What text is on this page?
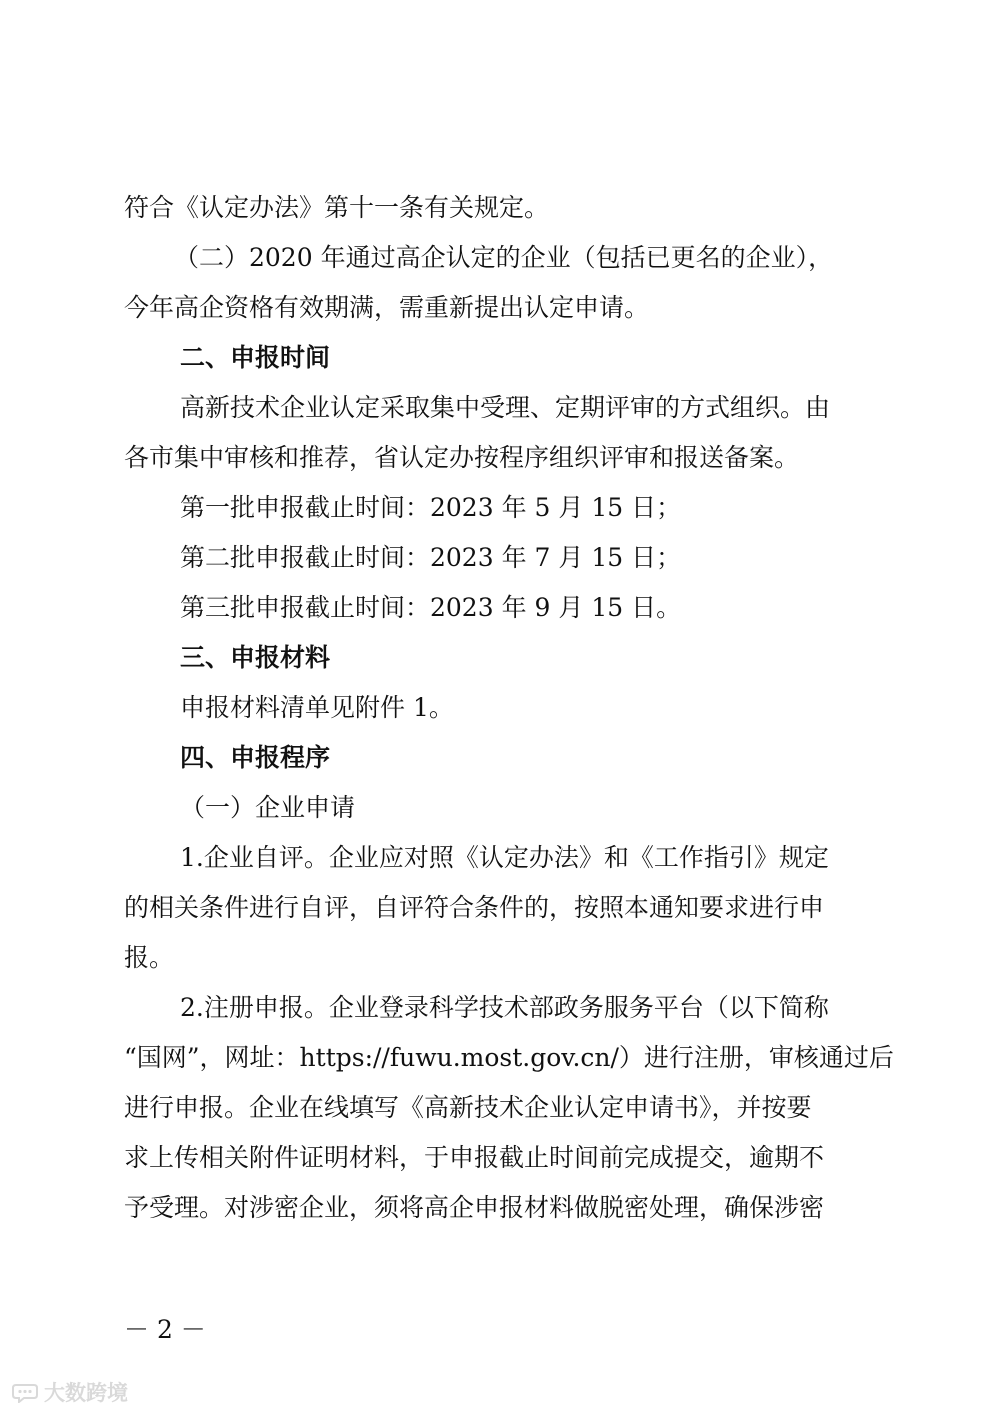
符合《认定办法》第十一条有关规定。
（二）2020 年通过高企认定的企业（包括已更名的企业），
今年高企资格有效期满，需重新提出认定申请。
二、申报时间
高新技术企业认定采取集中受理、定期评审的方式组织。由
各市集中审核和推荐，省认定办按程序组织评审和报送备案。
第一批申报截止时间：2023 年 5 月 15 日；
第二批申报截止时间：2023 年 7 月 15 日；
第三批申报截止时间：2023 年 9 月 15 日。
三、申报材料
申报材料清单见附件 1。
四、申报程序
（一）企业申请
1.企业自评。企业应对照《认定办法》和《工作指引》规定
的相关条件进行自评，自评符合条件的，按照本通知要求进行申
报。
2.注册申报。企业登录科学技术部政务服务平台（以下简称
“国网”，网址：https://fuwu.most.gov.cn/）进行注册，审核通过后
进行申报。企业在线填写《高新技术企业认定申请书》，并按要
求上传相关附件证明材料，于申报截止时间前完成提交，逾期不
予受理。对涉密企业，须将高企申报材料做脱密处理，确保涉密
－ 2 －
大数跨境
